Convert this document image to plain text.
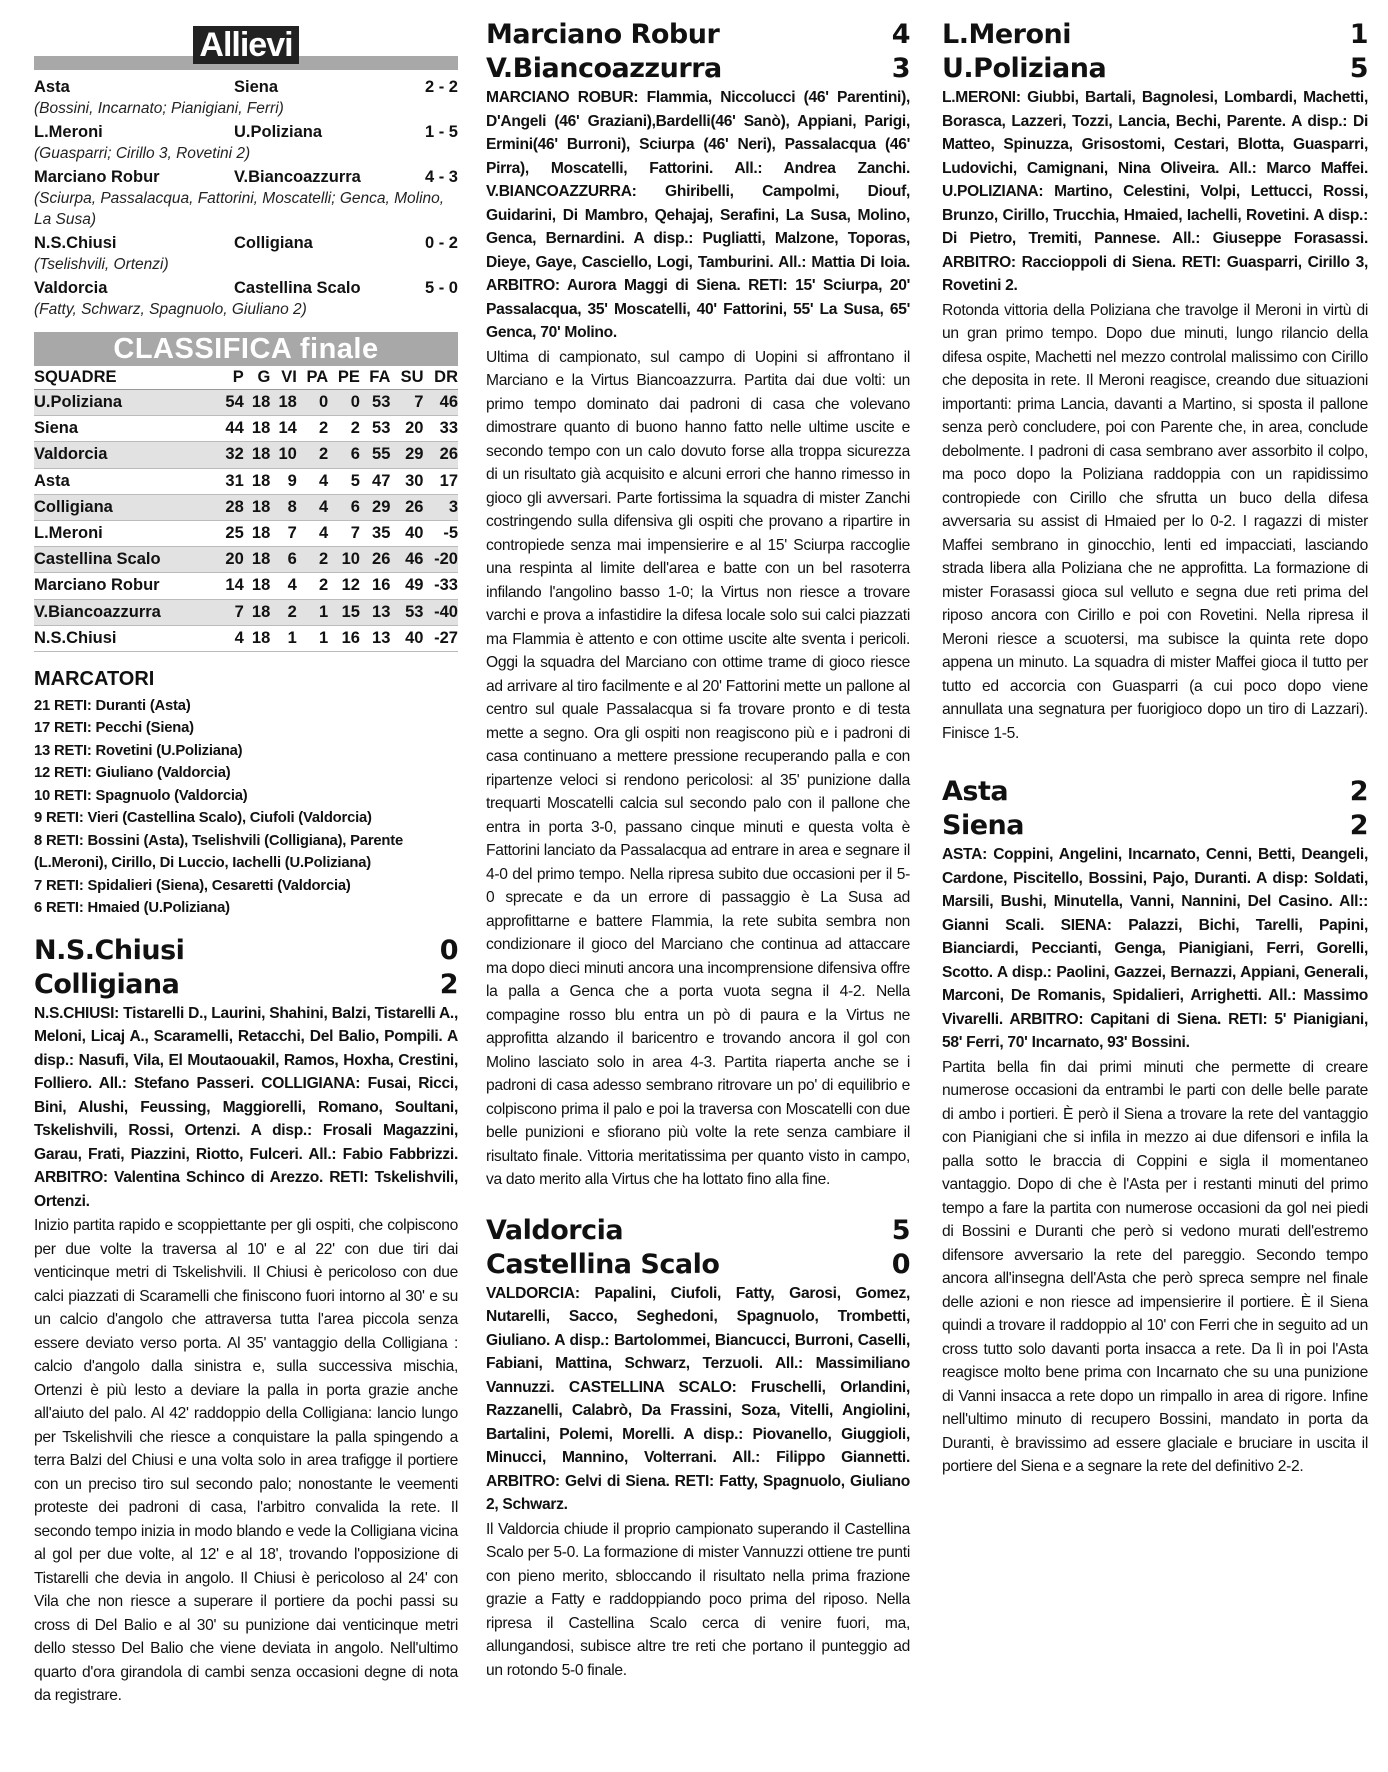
Allievi
Asta	Siena	2 - 2
(Bossini, Incarnato; Pianigiani, Ferri)
L.Meroni	U.Poliziana	1 - 5
(Guasparri; Cirillo 3, Rovetini 2)
Marciano Robur	V.Biancoazzurra	4 - 3
(Sciurpa, Passalacqua, Fattorini, Moscatelli; Genca, Molino, La Susa)
N.S.Chiusi	Colligiana	0 - 2
(Tselishvili, Ortenzi)
Valdorcia	Castellina Scalo	5 - 0
(Fatty, Schwarz, Spagnuolo, Giuliano 2)
CLASSIFICA finale
SQUADRE	P	G	VI	PA	PE	FA	SU	DR
U.Poliziana	54	18	18	0	0	53	7	46
Siena	44	18	14	2	2	53	20	33
Valdorcia	32	18	10	2	6	55	29	26
Asta	31	18	9	4	5	47	30	17
Colligiana	28	18	8	4	6	29	26	3
L.Meroni	25	18	7	4	7	35	40	-5
Castellina Scalo	20	18	6	2	10	26	46	-20
Marciano Robur	14	18	4	2	12	16	49	-33
V.Biancoazzurra	7	18	2	1	15	13	53	-40
N.S.Chiusi	4	18	1	1	16	13	40	-27
MARCATORI
21 RETI: Duranti (Asta)
17 RETI: Pecchi (Siena)
13 RETI: Rovetini (U.Poliziana)
12 RETI: Giuliano (Valdorcia)
10 RETI: Spagnuolo (Valdorcia)
9 RETI: Vieri (Castellina Scalo), Ciufoli (Valdorcia)
8 RETI: Bossini (Asta), Tselishvili (Colligiana), Parente (L.Meroni), Cirillo, Di Luccio, Iachelli (U.Poliziana)
7 RETI: Spidalieri (Siena), Cesaretti (Valdorcia)
6 RETI: Hmaied (U.Poliziana)
N.S.Chiusi	0
Colligiana	2
N.S.CHIUSI: Tistarelli D., Laurini, Shahini, Balzi, Tistarelli A., Meloni, Licaj A., Scaramelli, Retacchi, Del Balio, Pompili. A disp.: Nasufi, Vila, El Moutaouakil, Ramos, Hoxha, Crestini, Folliero. All.: Stefano Passeri. COLLIGIANA: Fusai, Ricci, Bini, Alushi, Feussing, Maggiorelli, Romano, Soultani, Tskelishvili, Rossi, Ortenzi. A disp.: Frosali Magazzini, Garau, Frati, Piazzini, Riotto, Fulceri. All.: Fabio Fabbrizzi. ARBITRO: Valentina Schinco di Arezzo. RETI: Tskelishvili, Ortenzi.
Inizio partita rapido e scoppiettante per gli ospiti, che colpiscono per due volte la traversa al 10' e al 22' con due tiri dai venticinque metri di Tskelishvili. Il Chiusi è pericoloso con due calci piazzati di Scaramelli che finiscono fuori intorno al 30' e su un calcio d'angolo che attraversa tutta l'area piccola senza essere deviato verso porta. Al 35' vantaggio della Colligiana : calcio d'angolo dalla sinistra e, sulla successiva mischia, Ortenzi è più lesto a deviare la palla in porta grazie anche all'aiuto del palo. Al 42' raddoppio della Colligiana: lancio lungo per Tskelishvili che riesce a conquistare la palla spingendo a terra Balzi del Chiusi e una volta solo in area trafigge il portiere con un preciso tiro sul secondo palo; nonostante le veementi proteste dei padroni di casa, l'arbitro convalida la rete. Il secondo tempo inizia in modo blando e vede la Colligiana vicina al gol per due volte, al 12' e al 18', trovando l'opposizione di Tistarelli che devia in angolo. Il Chiusi è pericoloso al 24' con Vila che non riesce a superare il portiere da pochi passi su cross di Del Balio e al 30' su punizione dai venticinque metri dello stesso Del Balio che viene deviata in angolo. Nell'ultimo quarto d'ora girandola di cambi senza occasioni degne di nota da registrare.
Marciano Robur	4
V.Biancoazzurra	3
MARCIANO ROBUR: Flammia, Niccolucci (46' Parentini), D'Angeli (46' Graziani),Bardelli(46' Sanò), Appiani, Parigi, Ermini(46' Burroni), Sciurpa (46' Neri), Passalacqua (46' Pirra), Moscatelli, Fattorini. All.: Andrea Zanchi. V.BIANCOAZZURRA: Ghiribelli, Campolmi, Diouf, Guidarini, Di Mambro, Qehajaj, Serafini, La Susa, Molino, Genca, Bernardini. A disp.: Pugliatti, Malzone, Toporas, Dieye, Gaye, Casciello, Logi, Tamburini. All.: Mattia Di Ioia. ARBITRO: Aurora Maggi di Siena. RETI: 15' Sciurpa, 20' Passalacqua, 35' Moscatelli, 40' Fattorini, 55' La Susa, 65' Genca, 70' Molino.
Ultima di campionato, sul campo di Uopini si affrontano il Marciano e la Virtus Biancoazzurra. Partita dai due volti: un primo tempo dominato dai padroni di casa che volevano dimostrare quanto di buono hanno fatto nelle ultime uscite e secondo tempo con un calo dovuto forse alla troppa sicurezza di un risultato già acquisito e alcuni errori che hanno rimesso in gioco gli avversari. Parte fortissima la squadra di mister Zanchi costringendo sulla difensiva gli ospiti che provano a ripartire in contropiede senza mai impensierire e al 15' Sciurpa raccoglie una respinta al limite dell'area e batte con un bel rasoterra infilando l'angolino basso 1-0; la Virtus non riesce a trovare varchi e prova a infastidire la difesa locale solo sui calci piazzati ma Flammia è attento e con ottime uscite alte sventa i pericoli. Oggi la squadra del Marciano con ottime trame di gioco riesce ad arrivare al tiro facilmente e al 20' Fattorini mette un pallone al centro sul quale Passalacqua si fa trovare pronto e di testa mette a segno. Ora gli ospiti non reagiscono più e i padroni di casa continuano a mettere pressione recuperando palla e con ripartenze veloci si rendono pericolosi: al 35' punizione dalla trequarti Moscatelli calcia sul secondo palo con il pallone che entra in porta 3-0, passano cinque minuti e questa volta è Fattorini lanciato da Passalacqua ad entrare in area e segnare il 4-0 del primo tempo. Nella ripresa subito due occasioni per il 5-0 sprecate e da un errore di passaggio è La Susa ad approfittarne e battere Flammia, la rete subita sembra non condizionare il gioco del Marciano che continua ad attaccare ma dopo dieci minuti ancora una incomprensione difensiva offre la palla a Genca che a porta vuota segna il 4-2. Nella compagine rosso blu entra un pò di paura e la Virtus ne approfitta alzando il baricentro e trovando ancora il gol con Molino lasciato solo in area 4-3. Partita riaperta anche se i padroni di casa adesso sembrano ritrovare un po' di equilibrio e colpiscono prima il palo e poi la traversa con Moscatelli con due belle punizioni e sfiorano più volte la rete senza cambiare il risultato finale. Vittoria meritatissima per quanto visto in campo, va dato merito alla Virtus che ha lottato fino alla fine.
Valdorcia	5
Castellina Scalo	0
VALDORCIA: Papalini, Ciufoli, Fatty, Garosi, Gomez, Nutarelli, Sacco, Seghedoni, Spagnuolo, Trombetti, Giuliano. A disp.: Bartolommei, Biancucci, Burroni, Caselli, Fabiani, Mattina, Schwarz, Terzuoli. All.: Massimiliano Vannuzzi. CASTELLINA SCALO: Fruschelli, Orlandini, Razzanelli, Calabrò, Da Frassini, Soza, Vitelli, Angiolini, Bartalini, Polemi, Morelli. A disp.: Piovanello, Giuggioli, Minucci, Mannino, Volterrani. All.: Filippo Giannetti. ARBITRO: Gelvi di Siena. RETI: Fatty, Spagnuolo, Giuliano 2, Schwarz.
Il Valdorcia chiude il proprio campionato superando il Castellina Scalo per 5-0. La formazione di mister Vannuzzi ottiene tre punti con pieno merito, sbloccando il risultato nella prima frazione grazie a Fatty e raddoppiando poco prima del riposo. Nella ripresa il Castellina Scalo cerca di venire fuori, ma, allungandosi, subisce altre tre reti che portano il punteggio ad un rotondo 5-0 finale.
L.Meroni	1
U.Poliziana	5
L.MERONI: Giubbi, Bartali, Bagnolesi, Lombardi, Machetti, Borasca, Lazzeri, Tozzi, Lancia, Bechi, Parente. A disp.: Di Matteo, Spinuzza, Grisostomi, Cestari, Blotta, Guasparri, Ludovichi, Camignani, Nina Oliveira. All.: Marco Maffei. U.POLIZIANA: Martino, Celestini, Volpi, Lettucci, Rossi, Brunzo, Cirillo, Trucchia, Hmaied, Iachelli, Rovetini. A disp.: Di Pietro, Tremiti, Pannese. All.: Giuseppe Forasassi. ARBITRO: Raccioppoli di Siena. RETI: Guasparri, Cirillo 3, Rovetini 2.
Rotonda vittoria della Poliziana che travolge il Meroni in virtù di un gran primo tempo. Dopo due minuti, lungo rilancio della difesa ospite, Machetti nel mezzo controlal malissimo con Cirillo che deposita in rete. Il Meroni reagisce, creando due situazioni importanti: prima Lancia, davanti a Martino, si sposta il pallone senza però concludere, poi con Parente che, in area, conclude debolmente. I padroni di casa sembrano aver assorbito il colpo, ma poco dopo la Poliziana raddoppia con un rapidissimo contropiede con Cirillo che sfrutta un buco della difesa avversaria su assist di Hmaied per lo 0-2. I ragazzi di mister Maffei sembrano in ginocchio, lenti ed impacciati, lasciando strada libera alla Poliziana che ne approfitta. La formazione di mister Forasassi gioca sul velluto e segna due reti prima del riposo ancora con Cirillo e poi con Rovetini. Nella ripresa il Meroni riesce a scuotersi, ma subisce la quinta rete dopo appena un minuto. La squadra di mister Maffei gioca il tutto per tutto ed accorcia con Guasparri (a cui poco dopo viene annullata una segnatura per fuorigioco dopo un tiro di Lazzari). Finisce 1-5.
Asta	2
Siena	2
ASTA: Coppini, Angelini, Incarnato, Cenni, Betti, Deangeli, Cardone, Piscitello, Bossini, Pajo, Duranti. A disp: Soldati, Marsili, Bushi, Minutella, Vanni, Nannini, Del Casino. All:: Gianni Scali. SIENA: Palazzi, Bichi, Tarelli, Papini, Bianciardi, Peccianti, Genga, Pianigiani, Ferri, Gorelli, Scotto. A disp.: Paolini, Gazzei, Bernazzi, Appiani, Generali, Marconi, De Romanis, Spidalieri, Arrighetti. All.: Massimo Vivarelli. ARBITRO: Capitani di Siena. RETI: 5' Pianigiani, 58' Ferri, 70' Incarnato, 93' Bossini.
Partita bella fin dai primi minuti che permette di creare numerose occasioni da entrambi le parti con delle belle parate di ambo i portieri. È però il Siena a trovare la rete del vantaggio con Pianigiani che si infila in mezzo ai due difensori e infila la palla sotto le braccia di Coppini e sigla il momentaneo vantaggio. Dopo di che è l'Asta per i restanti minuti del primo tempo a fare la partita con numerose occasioni da gol nei piedi di Bossini e Duranti che però si vedono murati dell'estremo difensore avversario la rete del pareggio. Secondo tempo ancora all'insegna dell'Asta che però spreca sempre nel finale delle azioni e non riesce ad impensierire il portiere. È il Siena quindi a trovare il raddoppio al 10' con Ferri che in seguito ad un cross tutto solo davanti porta insacca a rete. Da lì in poi l'Asta reagisce molto bene prima con Incarnato che su una punizione di Vanni insacca a rete dopo un rimpallo in area di rigore. Infine nell'ultimo minuto di recupero Bossini, mandato in porta da Duranti, è bravissimo ad essere glaciale e bruciare in uscita il portiere del Siena e a segnare la rete del definitivo 2-2.
